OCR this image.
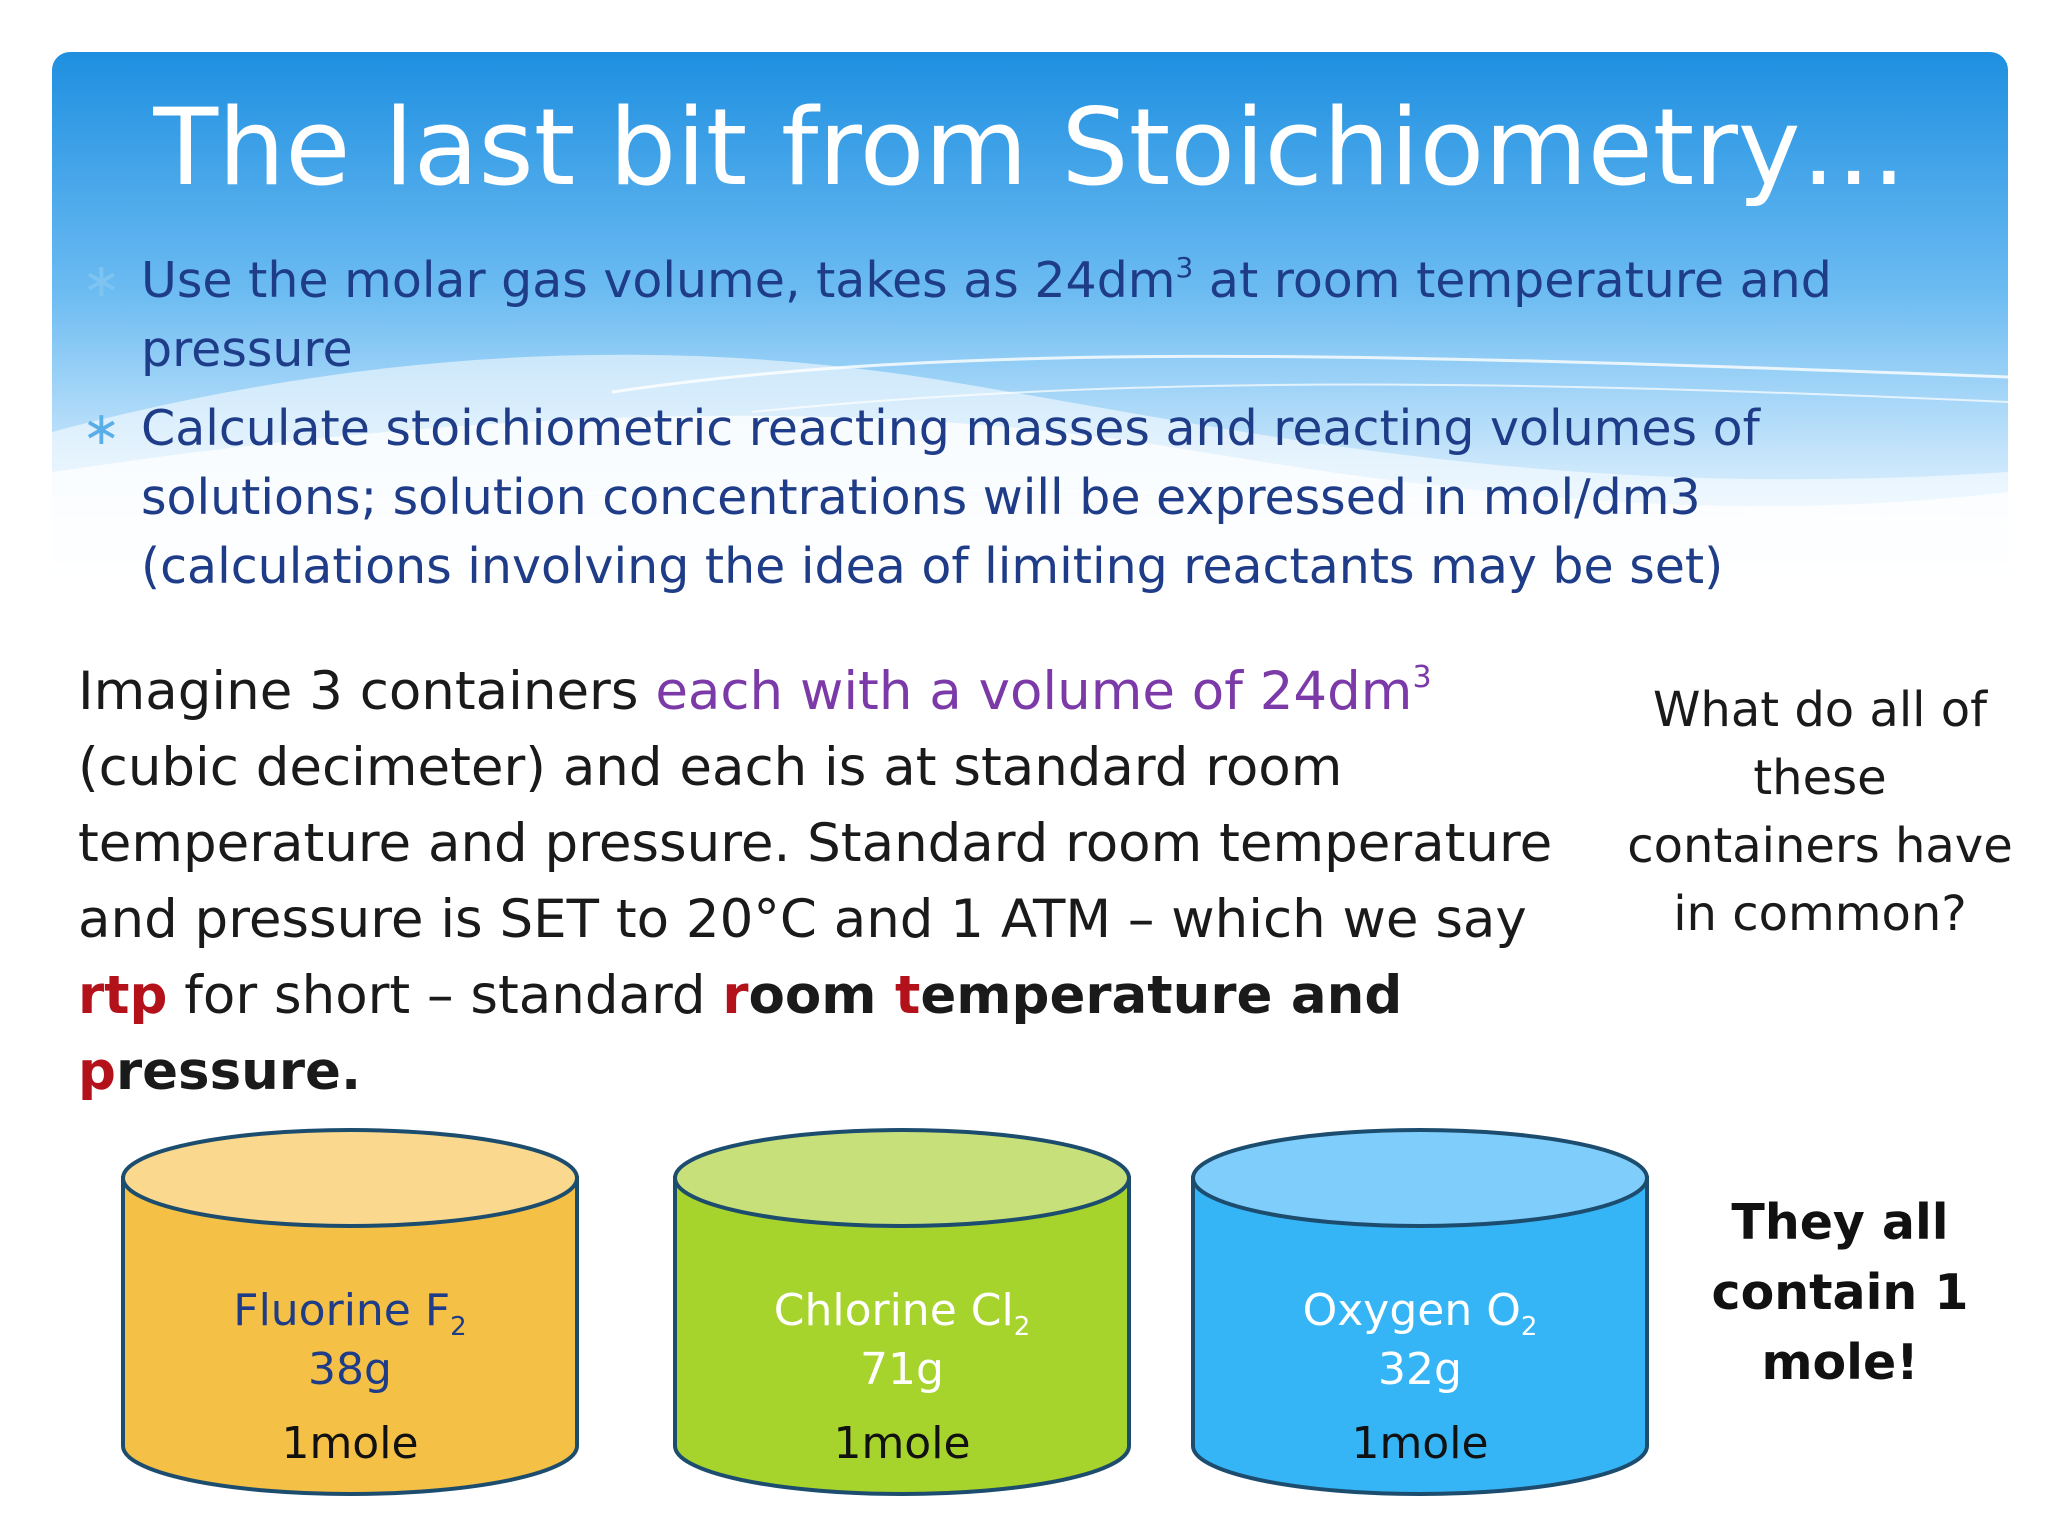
The last bit from Stoichiometry…
∗ Use the molar gas volume, takes as $24dm^3$ at room temperature and pressure
∗ Calculate stoichiometric reacting masses and reacting volumes of solutions; solution concentrations will be expressed in mol/dm3 (calculations involving the idea of limiting reactants may be set)
Imagine 3 containers each with a volume of $24dm^3$ (cubic decimeter) and each is at standard room temperature and pressure. Standard room temperature and pressure is SET to 20°C and 1 ATM – which we say rtp for short – standard room temperature and pressure.
What do all of these containers have in common?
Fluorine $F_2$
38g
1mole
Chlorine $Cl_2$
71g
1mole
Oxygen $O_2$
32g
1mole
They all contain 1 mole!
